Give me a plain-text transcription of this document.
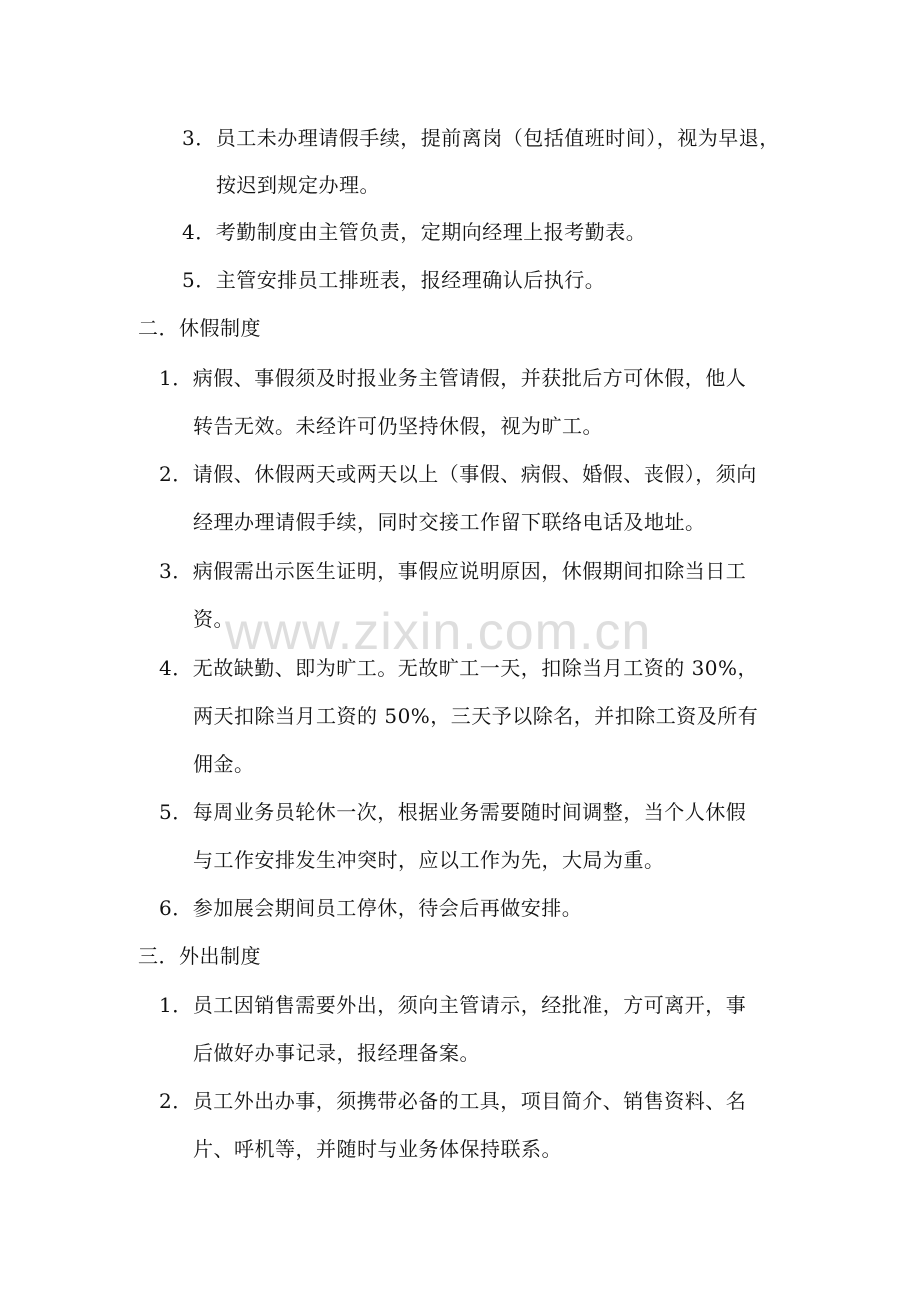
www.zixin.com.cn
3．员工未办理请假手续，提前离岗（包括值班时间），视为早退，
按迟到规定办理。
4．考勤制度由主管负责，定期向经理上报考勤表。
5．主管安排员工排班表，报经理确认后执行。
二．休假制度
1．病假、事假须及时报业务主管请假，并获批后方可休假，他人
转告无效。未经许可仍坚持休假，视为旷工。
2．请假、休假两天或两天以上（事假、病假、婚假、丧假），须向
经理办理请假手续，同时交接工作留下联络电话及地址。
3．病假需出示医生证明，事假应说明原因，休假期间扣除当日工
资。
4．无故缺勤、即为旷工。无故旷工一天，扣除当月工资的 30%，
两天扣除当月工资的 50%，三天予以除名，并扣除工资及所有
佣金。
5．每周业务员轮休一次，根据业务需要随时间调整，当个人休假
与工作安排发生冲突时，应以工作为先，大局为重。
6．参加展会期间员工停休，待会后再做安排。
三．外出制度
1．员工因销售需要外出，须向主管请示，经批准，方可离开，事
后做好办事记录，报经理备案。
2．员工外出办事，须携带必备的工具，项目简介、销售资料、名
片、呼机等，并随时与业务体保持联系。
